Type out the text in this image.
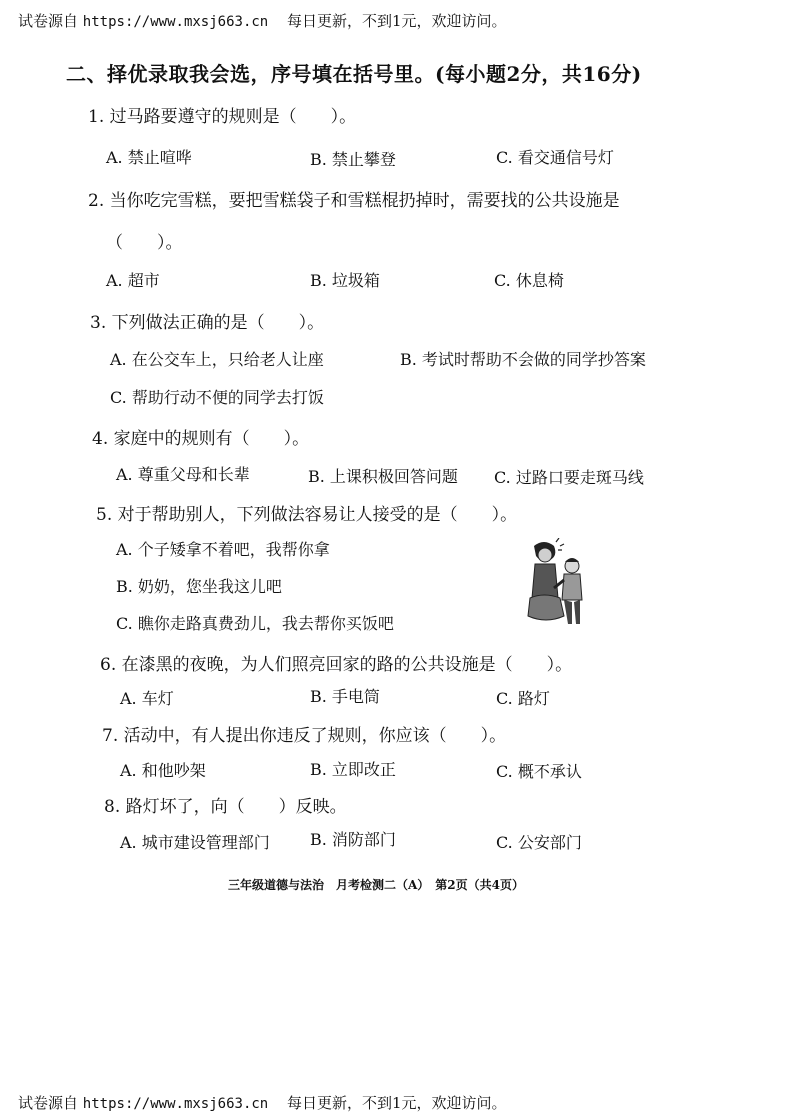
试卷源自 https://www.mxsj663.cn 每日更新，不到1元，欢迎访问。
二、择优录取我会选，序号填在括号里。(每小题2分，共16分)
1. 过马路要遵守的规则是（　　）。
A. 禁止喧哗	B. 禁止攀登	C. 看交通信号灯
2. 当你吃完雪糕，要把雪糕袋子和雪糕棍扔掉时，需要找的公共设施是
（　　）。
A. 超市	B. 垃圾箱	C. 休息椅
3. 下列做法正确的是（　　）。
A. 在公交车上，只给老人让座	B. 考试时帮助不会做的同学抄答案
C. 帮助行动不便的同学去打饭
4. 家庭中的规则有（　　）。
A. 尊重父母和长辈	B. 上课积极回答问题 C. 过路口要走斑马线
5. 对于帮助别人，下列做法容易让人接受的是（　　）。
A. 个子矮拿不着吧，我帮你拿
B. 奶奶，您坐我这儿吧
C. 瞧你走路真费劲儿，我去帮你买饭吧
6. 在漆黑的夜晚，为人们照亮回家的路的公共设施是（　　）。
A. 车灯	B. 手电筒	C. 路灯
7. 活动中，有人提出你违反了规则，你应该（　　）。
A. 和他吵架	B. 立即改正	C. 概不承认
8. 路灯坏了，向（　　）反映。
A. 城市建设管理部门	B. 消防部门	C. 公安部门
三年级道德与法治　月考检测二（A）　第2页（共4页）
试卷源自 https://www.mxsj663.cn 每日更新，不到1元，欢迎访问。
